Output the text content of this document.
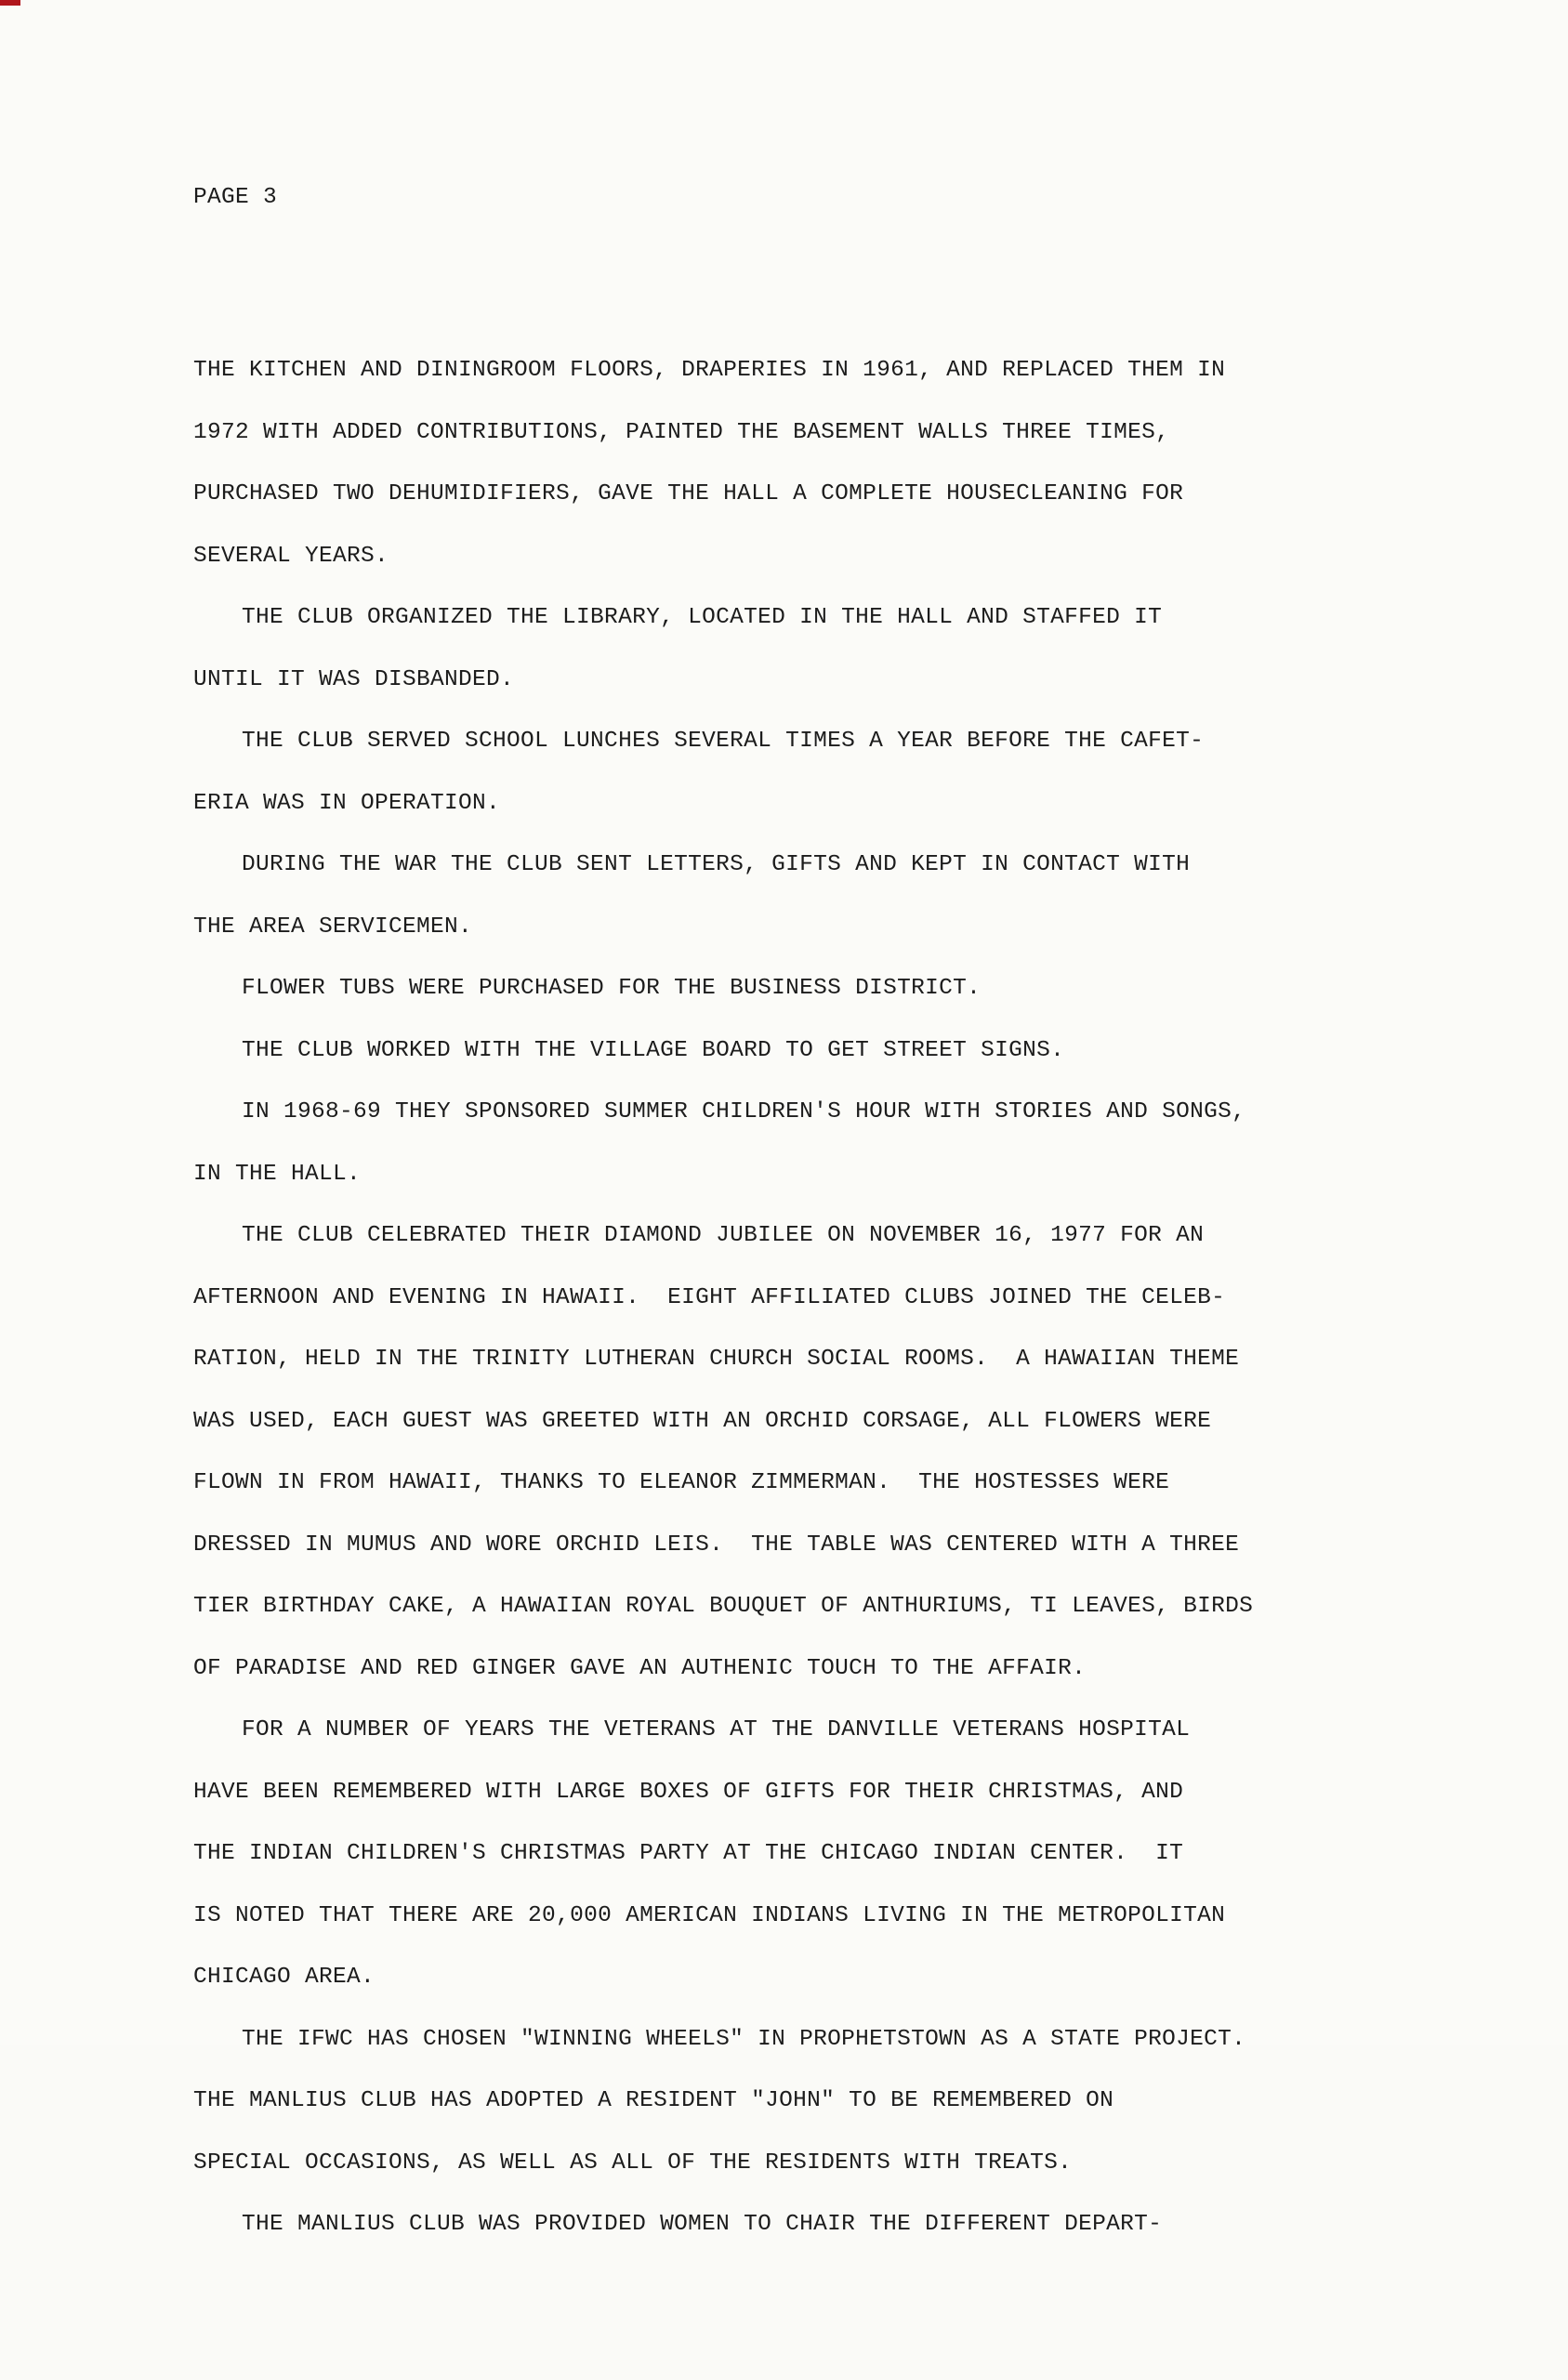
PAGE 3

THE KITCHEN AND DININGROOM FLOORS, DRAPERIES IN 1961, AND REPLACED THEM IN
1972 WITH ADDED CONTRIBUTIONS, PAINTED THE BASEMENT WALLS THREE TIMES,
PURCHASED TWO DEHUMIDIFIERS, GAVE THE HALL A COMPLETE HOUSECLEANING FOR
SEVERAL YEARS.
THE CLUB ORGANIZED THE LIBRARY, LOCATED IN THE HALL AND STAFFED IT
UNTIL IT WAS DISBANDED.
THE CLUB SERVED SCHOOL LUNCHES SEVERAL TIMES A YEAR BEFORE THE CAFET-
ERIA WAS IN OPERATION.
DURING THE WAR THE CLUB SENT LETTERS, GIFTS AND KEPT IN CONTACT WITH
THE AREA SERVICEMEN.
FLOWER TUBS WERE PURCHASED FOR THE BUSINESS DISTRICT.
THE CLUB WORKED WITH THE VILLAGE BOARD TO GET STREET SIGNS.
IN 1968-69 THEY SPONSORED SUMMER CHILDREN'S HOUR WITH STORIES AND SONGS,
IN THE HALL.
THE CLUB CELEBRATED THEIR DIAMOND JUBILEE ON NOVEMBER 16, 1977 FOR AN
AFTERNOON AND EVENING IN HAWAII.  EIGHT AFFILIATED CLUBS JOINED THE CELEB-
RATION, HELD IN THE TRINITY LUTHERAN CHURCH SOCIAL ROOMS.  A HAWAIIAN THEME
WAS USED, EACH GUEST WAS GREETED WITH AN ORCHID CORSAGE, ALL FLOWERS WERE
FLOWN IN FROM HAWAII, THANKS TO ELEANOR ZIMMERMAN.  THE HOSTESSES WERE
DRESSED IN MUMUS AND WORE ORCHID LEIS.  THE TABLE WAS CENTERED WITH A THREE
TIER BIRTHDAY CAKE, A HAWAIIAN ROYAL BOUQUET OF ANTHURIUMS, TI LEAVES, BIRDS
OF PARADISE AND RED GINGER GAVE AN AUTHENIC TOUCH TO THE AFFAIR.
FOR A NUMBER OF YEARS THE VETERANS AT THE DANVILLE VETERANS HOSPITAL
HAVE BEEN REMEMBERED WITH LARGE BOXES OF GIFTS FOR THEIR CHRISTMAS, AND
THE INDIAN CHILDREN'S CHRISTMAS PARTY AT THE CHICAGO INDIAN CENTER.  IT
IS NOTED THAT THERE ARE 20,000 AMERICAN INDIANS LIVING IN THE METROPOLITAN
CHICAGO AREA.
THE IFWC HAS CHOSEN "WINNING WHEELS" IN PROPHETSTOWN AS A STATE PROJECT.
THE MANLIUS CLUB HAS ADOPTED A RESIDENT "JOHN" TO BE REMEMBERED ON
SPECIAL OCCASIONS, AS WELL AS ALL OF THE RESIDENTS WITH TREATS.
THE MANLIUS CLUB WAS PROVIDED WOMEN TO CHAIR THE DIFFERENT DEPART-
